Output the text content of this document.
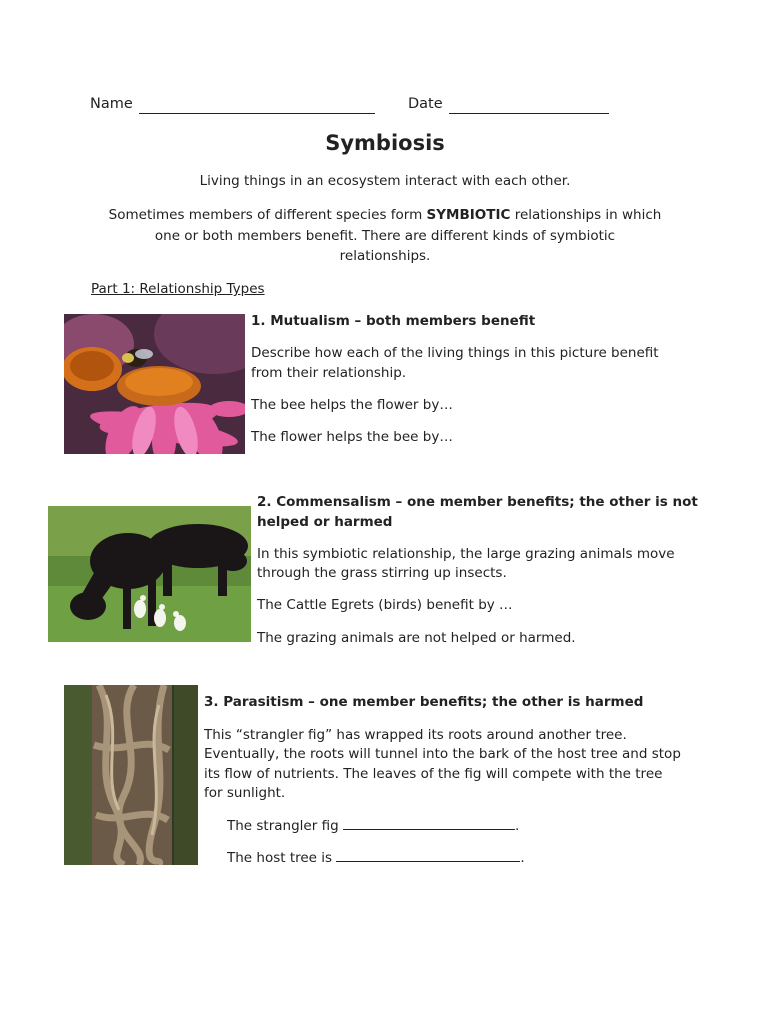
Name	Date
Symbiosis
Living things in an ecosystem interact with each other.
Sometimes members of different species form SYMBIOTIC relationships in which
one or both members benefit. There are different kinds of symbiotic
relationships.
Part 1: Relationship Types
1. Mutualism – both members benefit
Describe how each of the living things in this picture benefit
from their relationship.
The bee helps the flower by…
The flower helps the bee by…
2. Commensalism – one member benefits; the other is not
helped or harmed
In this symbiotic relationship, the large grazing animals move
through the grass stirring up insects.
The Cattle Egrets (birds) benefit by …
The grazing animals are not helped or harmed.
3. Parasitism – one member benefits; the other is harmed
This “strangler fig” has wrapped its roots around another tree.
Eventually, the roots will tunnel into the bark of the host tree and stop
its flow of nutrients. The leaves of the fig will compete with the tree
for sunlight.
The strangler fig	.
The host tree is	.
